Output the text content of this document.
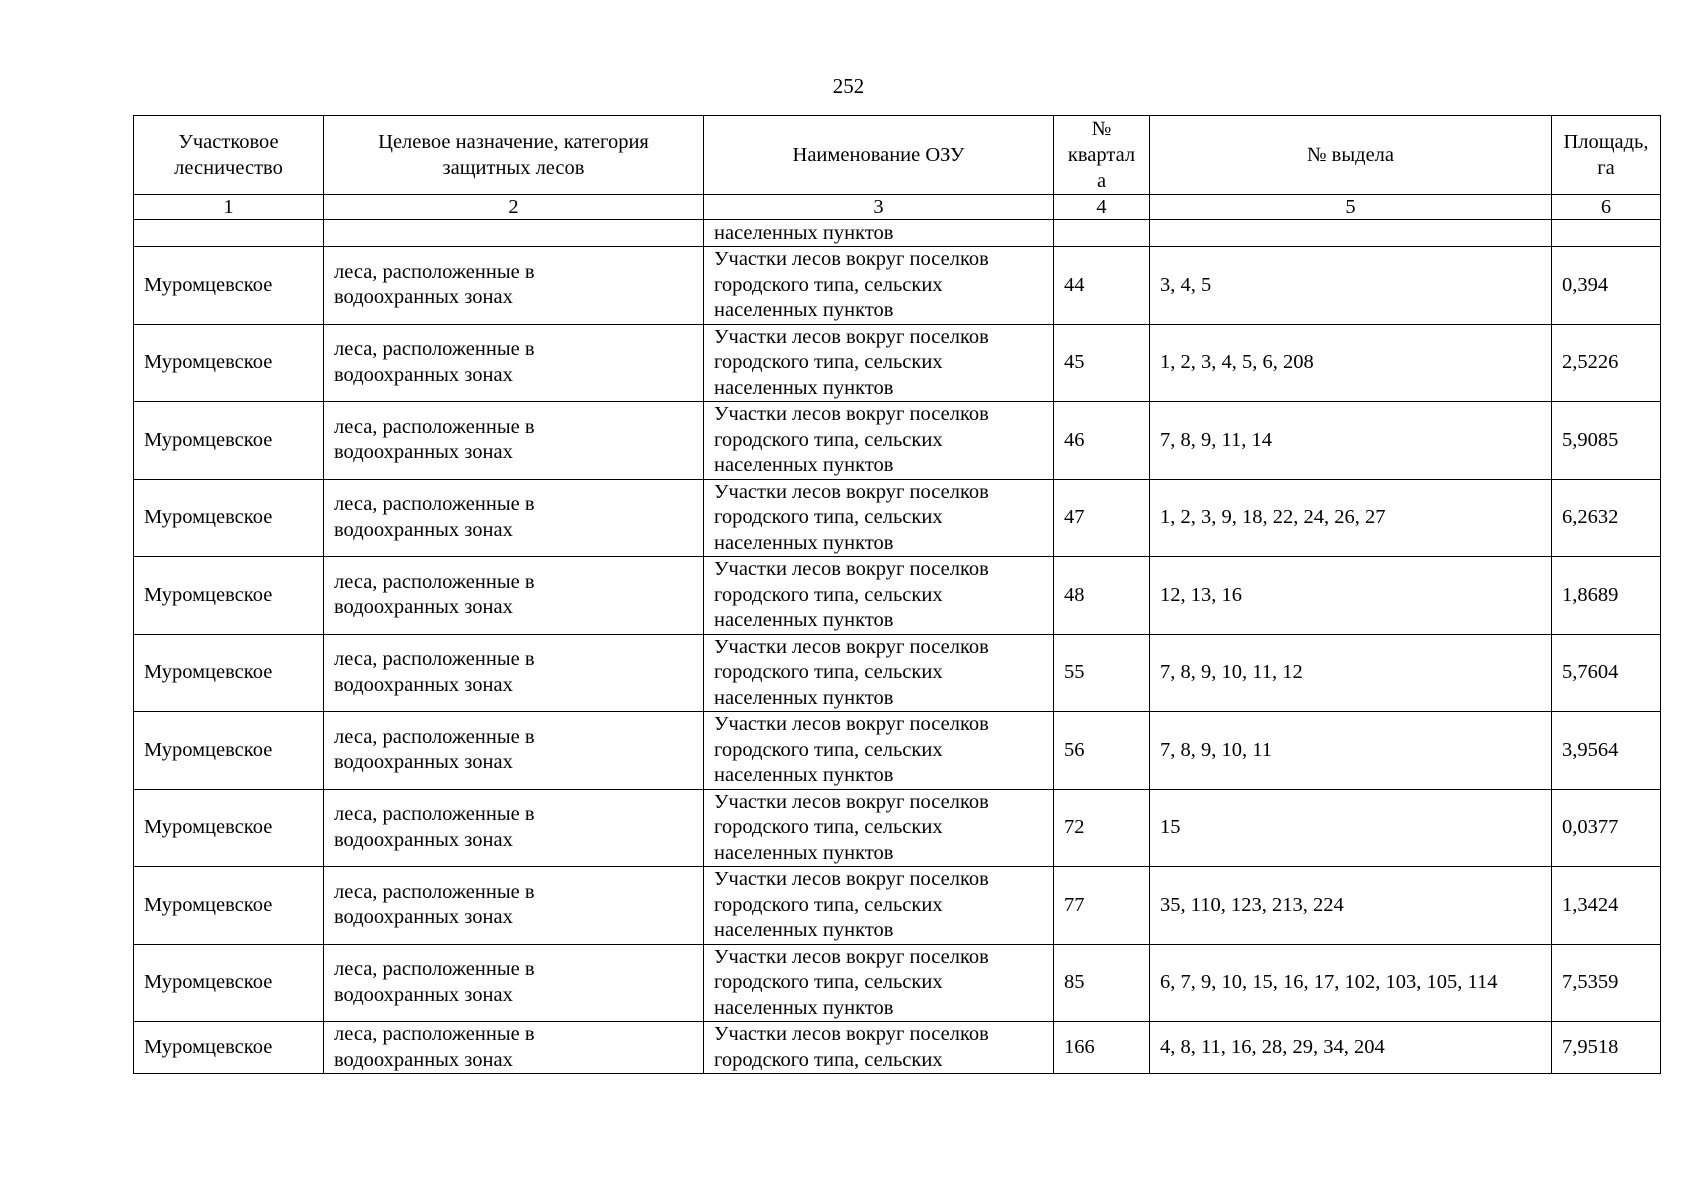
252
Участковое
лесничество	Целевое назначение, категория
защитных лесов	Наименование ОЗУ	№
квартал
а	№ выдела	Площадь,
га
1	2	3	4	5	6
		населенных пунктов			
Муромцевское	леса, расположенные в
водоохранных зонах	Участки лесов вокруг поселков
городского типа, сельских
населенных пунктов	44	3, 4, 5	0,394
Муромцевское	леса, расположенные в
водоохранных зонах	Участки лесов вокруг поселков
городского типа, сельских
населенных пунктов	45	1, 2, 3, 4, 5, 6, 208	2,5226
Муромцевское	леса, расположенные в
водоохранных зонах	Участки лесов вокруг поселков
городского типа, сельских
населенных пунктов	46	7, 8, 9, 11, 14	5,9085
Муромцевское	леса, расположенные в
водоохранных зонах	Участки лесов вокруг поселков
городского типа, сельских
населенных пунктов	47	1, 2, 3, 9, 18, 22, 24, 26, 27	6,2632
Муромцевское	леса, расположенные в
водоохранных зонах	Участки лесов вокруг поселков
городского типа, сельских
населенных пунктов	48	12, 13, 16	1,8689
Муромцевское	леса, расположенные в
водоохранных зонах	Участки лесов вокруг поселков
городского типа, сельских
населенных пунктов	55	7, 8, 9, 10, 11, 12	5,7604
Муромцевское	леса, расположенные в
водоохранных зонах	Участки лесов вокруг поселков
городского типа, сельских
населенных пунктов	56	7, 8, 9, 10, 11	3,9564
Муромцевское	леса, расположенные в
водоохранных зонах	Участки лесов вокруг поселков
городского типа, сельских
населенных пунктов	72	15	0,0377
Муромцевское	леса, расположенные в
водоохранных зонах	Участки лесов вокруг поселков
городского типа, сельских
населенных пунктов	77	35, 110, 123, 213, 224	1,3424
Муромцевское	леса, расположенные в
водоохранных зонах	Участки лесов вокруг поселков
городского типа, сельских
населенных пунктов	85	6, 7, 9, 10, 15, 16, 17, 102, 103, 105, 114	7,5359
Муромцевское	леса, расположенные в
водоохранных зонах	Участки лесов вокруг поселков
городского типа, сельских	166	4, 8, 11, 16, 28, 29, 34, 204	7,9518
